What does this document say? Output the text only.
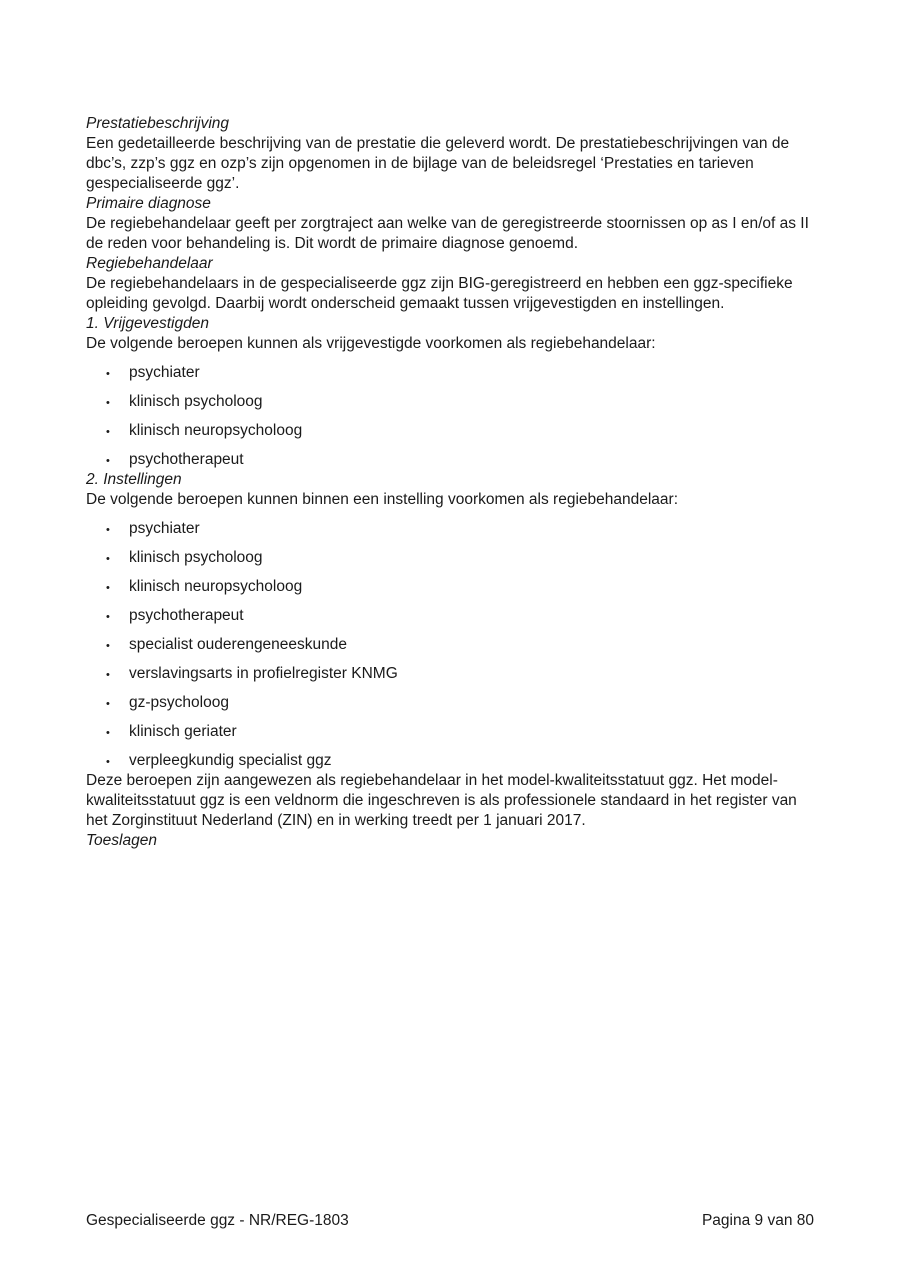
Prestatiebeschrijving

Een gedetailleerde beschrijving van de prestatie die geleverd wordt. De prestatiebeschrijvingen van de dbc’s, zzp’s ggz en ozp’s zijn opgenomen in de bijlage van de beleidsregel ‘Prestaties en tarieven gespecialiseerde ggz’.

Primaire diagnose

De regiebehandelaar geeft per zorgtraject aan welke van de geregistreerde stoornissen op as I en/of as II de reden voor behandeling is. Dit wordt de primaire diagnose genoemd.

Regiebehandelaar

De regiebehandelaars in de gespecialiseerde ggz zijn BIG-geregistreerd en hebben een ggz-specifieke opleiding gevolgd. Daarbij wordt onderscheid gemaakt tussen vrijgevestigden en instellingen.

1. Vrijgevestigden

De volgende beroepen kunnen als vrijgevestigde voorkomen als regiebehandelaar:

• psychiater
• klinisch psycholoog
• klinisch neuropsycholoog
• psychotherapeut
2. Instellingen

De volgende beroepen kunnen binnen een instelling voorkomen als regiebehandelaar:

• psychiater
• klinisch psycholoog
• klinisch neuropsycholoog
• psychotherapeut
• specialist ouderengeneeskunde
• verslavingsarts in profielregister KNMG
• gz-psycholoog
• klinisch geriater
• verpleegkundig specialist ggz

Deze beroepen zijn aangewezen als regiebehandelaar in het model-kwaliteitsstatuut ggz. Het model-kwaliteitsstatuut ggz is een veldnorm die ingeschreven is als professionele standaard in het register van het Zorginstituut Nederland (ZIN) en in werking treedt per 1 januari 2017.

Toeslagen
Gespecialiseerde ggz - NR/REG-1803	Pagina 9 van 80
